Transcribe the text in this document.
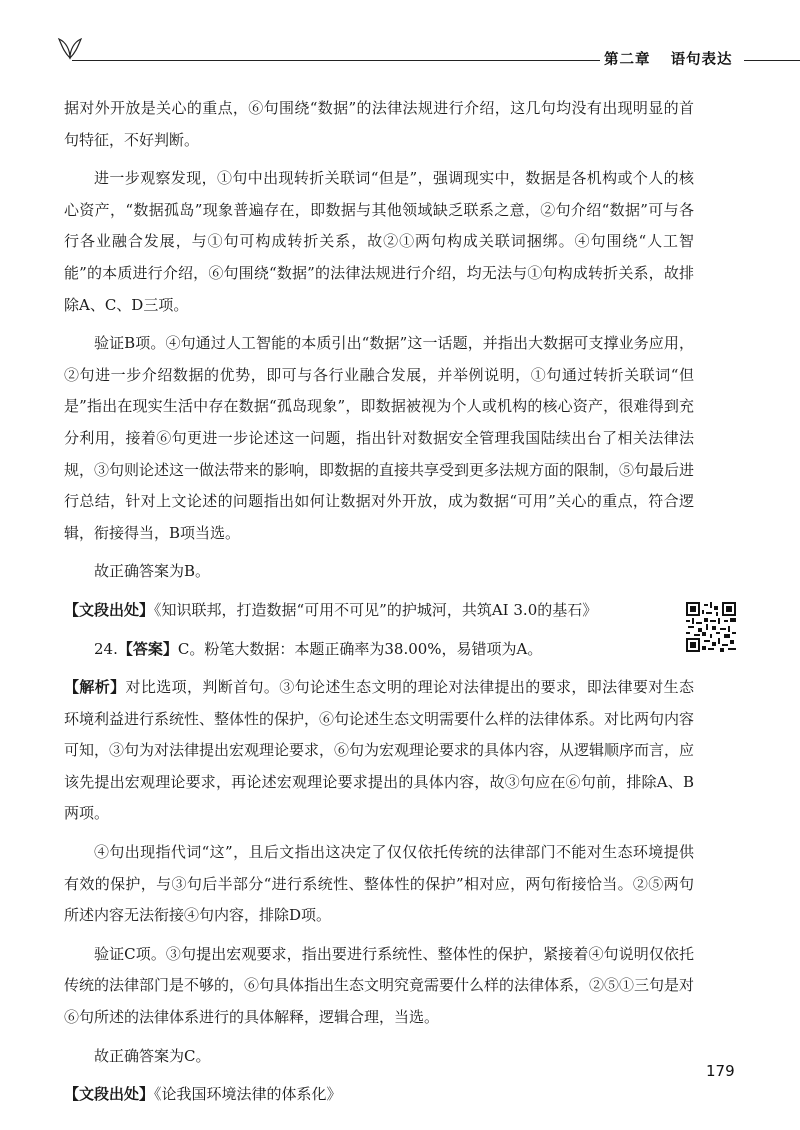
第二章 语句表达

据对外开放是关心的重点，⑥句围绕“数据”的法律法规进行介绍，这几句均没有出现明显的首句特征，不好判断。

进一步观察发现，①句中出现转折关联词“但是”，强调现实中，数据是各机构或个人的核心资产，“数据孤岛”现象普遍存在，即数据与其他领域缺乏联系之意，②句介绍“数据”可与各行各业融合发展，与①句可构成转折关系，故②①两句构成关联词捆绑。④句围绕“人工智能”的本质进行介绍，⑥句围绕“数据”的法律法规进行介绍，均无法与①句构成转折关系，故排除A、C、D三项。

验证B项。④句通过人工智能的本质引出“数据”这一话题，并指出大数据可支撑业务应用，②句进一步介绍数据的优势，即可与各行业融合发展，并举例说明，①句通过转折关联词“但是”指出在现实生活中存在数据“孤岛现象”，即数据被视为个人或机构的核心资产，很难得到充分利用，接着⑥句更进一步论述这一问题，指出针对数据安全管理我国陆续出台了相关法律法规，③句则论述这一做法带来的影响，即数据的直接共享受到更多法规方面的限制，⑤句最后进行总结，针对上文论述的问题指出如何让数据对外开放，成为数据“可用”关心的重点，符合逻辑，衔接得当，B项当选。

故正确答案为B。

【文段出处】《知识联邦，打造数据“可用不可见”的护城河，共筑AI 3.0的基石》

24.【答案】C。粉笔大数据：本题正确率为38.00%，易错项为A。

【解析】对比选项，判断首句。③句论述生态文明的理论对法律提出的要求，即法律要对生态环境利益进行系统性、整体性的保护，⑥句论述生态文明需要什么样的法律体系。对比两句内容可知，③句为对法律提出宏观理论要求，⑥句为宏观理论要求的具体内容，从逻辑顺序而言，应该先提出宏观理论要求，再论述宏观理论要求提出的具体内容，故③句应在⑥句前，排除A、B两项。

④句出现指代词“这”，且后文指出这决定了仅仅依托传统的法律部门不能对生态环境提供有效的保护，与③句后半部分“进行系统性、整体性的保护”相对应，两句衔接恰当。②⑤两句所述内容无法衔接④句内容，排除D项。

验证C项。③句提出宏观要求，指出要进行系统性、整体性的保护，紧接着④句说明仅依托传统的法律部门是不够的，⑥句具体指出生态文明究竟需要什么样的法律体系，②⑤①三句是对⑥句所述的法律体系进行的具体解释，逻辑合理，当选。

故正确答案为C。

【文段出处】《论我国环境法律的体系化》

179
